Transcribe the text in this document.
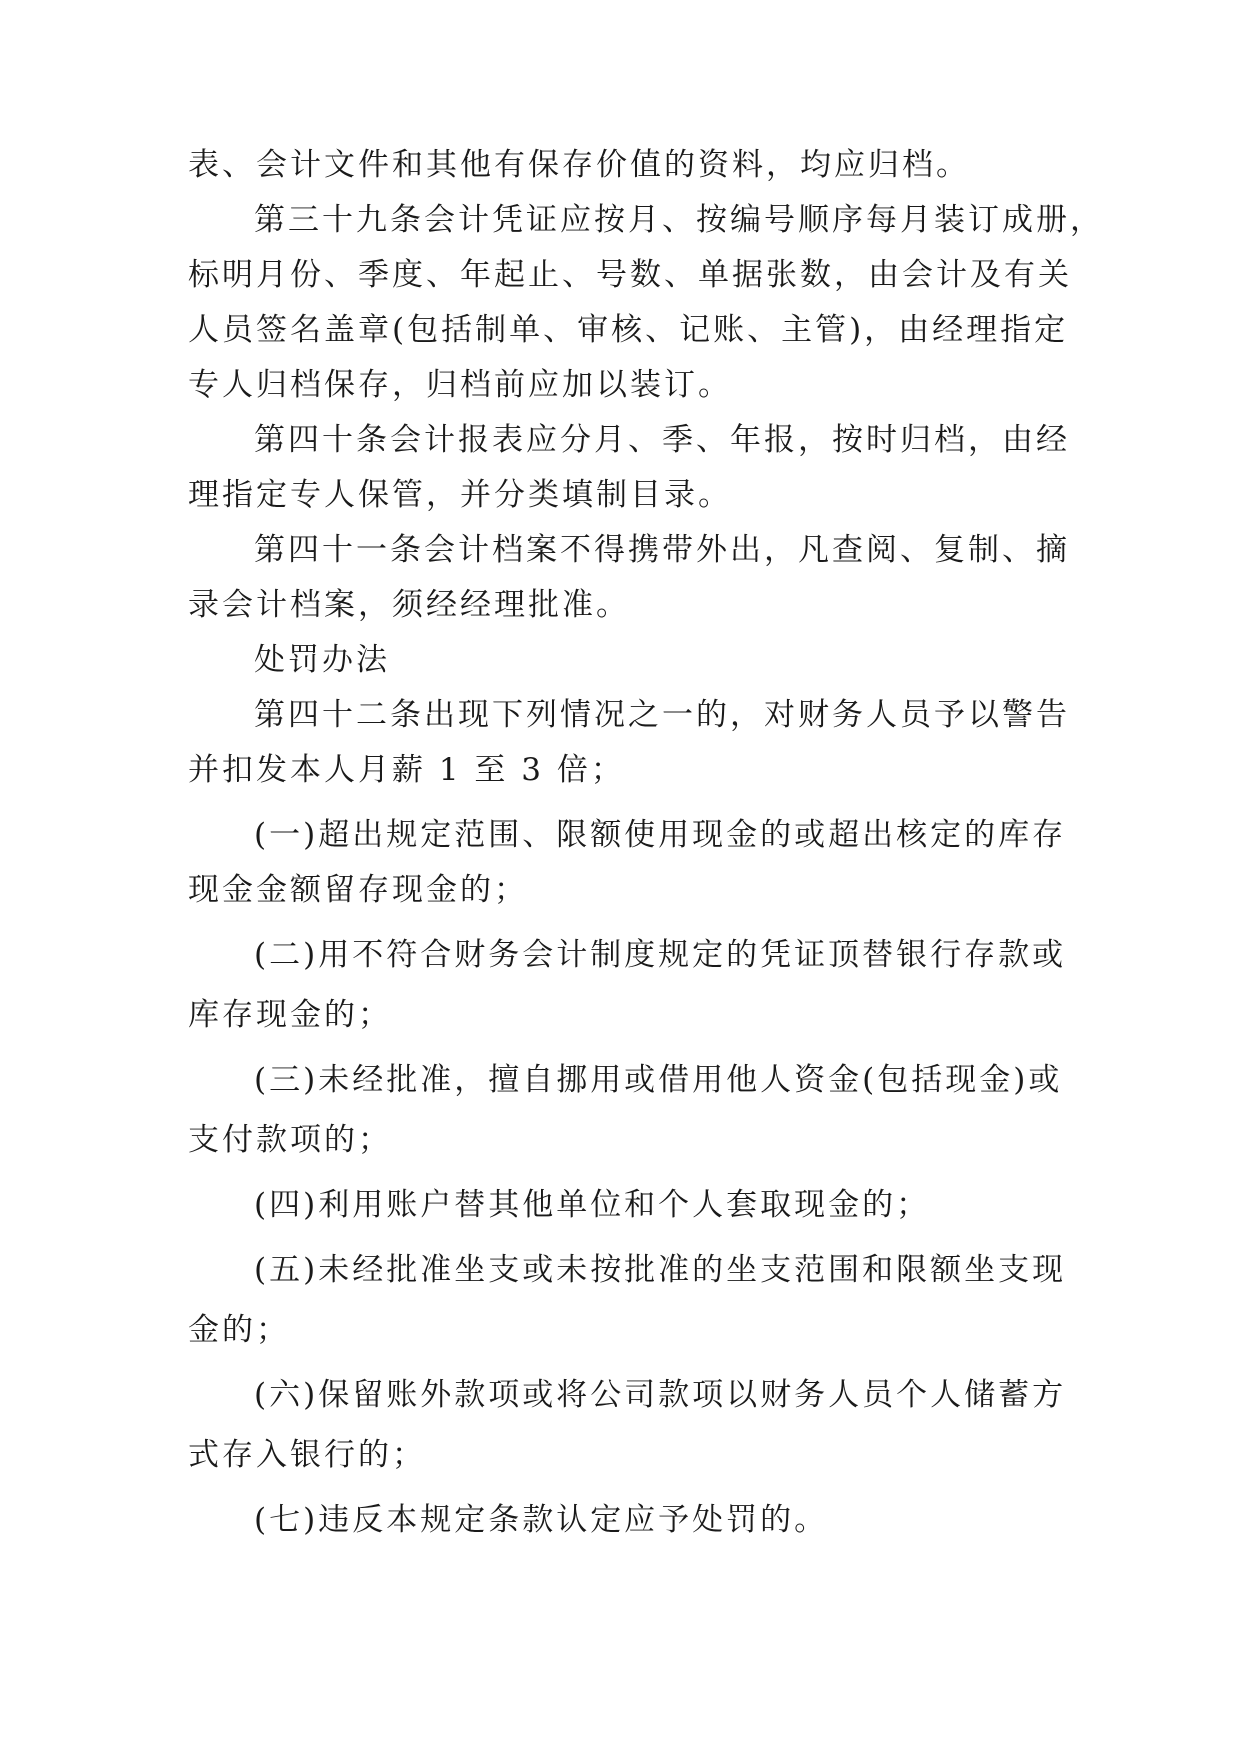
表、会计文件和其他有保存价值的资料，均应归档。
第三十九条会计凭证应按月、按编号顺序每月装订成册，
标明月份、季度、年起止、号数、单据张数，由会计及有关
人员签名盖章(包括制单、审核、记账、主管)，由经理指定
专人归档保存，归档前应加以装订。
第四十条会计报表应分月、季、年报，按时归档，由经
理指定专人保管，并分类填制目录。
第四十一条会计档案不得携带外出，凡查阅、复制、摘
录会计档案，须经经理批准。
处罚办法
第四十二条出现下列情况之一的，对财务人员予以警告
并扣发本人月薪 1 至 3 倍；
(一)超出规定范围、限额使用现金的或超出核定的库存
现金金额留存现金的；
(二)用不符合财务会计制度规定的凭证顶替银行存款或
库存现金的；
(三)未经批准，擅自挪用或借用他人资金(包括现金)或
支付款项的；
(四)利用账户替其他单位和个人套取现金的；
(五)未经批准坐支或未按批准的坐支范围和限额坐支现
金的；
(六)保留账外款项或将公司款项以财务人员个人储蓄方
式存入银行的；
(七)违反本规定条款认定应予处罚的。
